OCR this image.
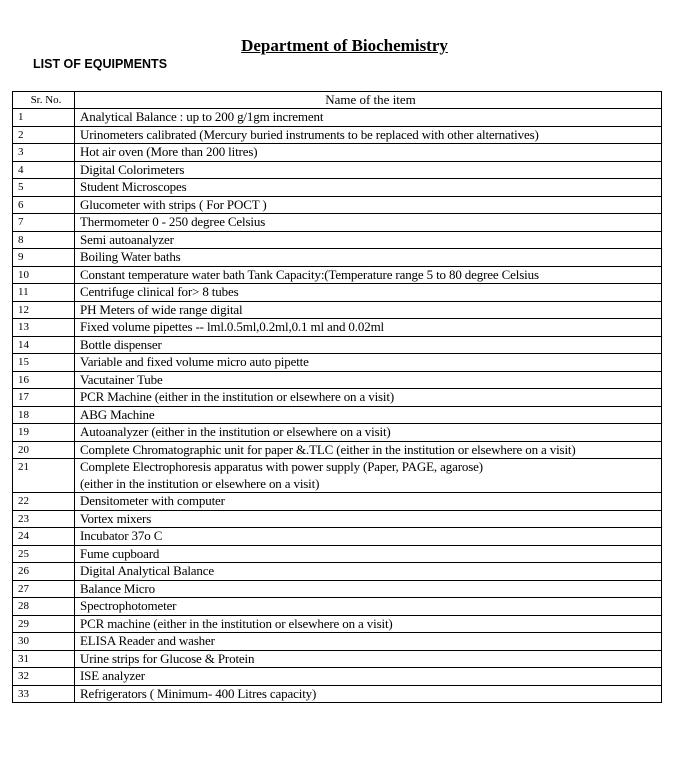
Department of Biochemistry
LIST OF EQUIPMENTS
Sr. No.	Name of the item
1	Analytical Balance : up to 200 g/1gm increment

2	Urinometers calibrated (Mercury buried instruments to be replaced with other alternatives)

3	Hot air oven (More than 200 litres)

4	Digital Colorimeters

5	Student Microscopes

6	Glucometer with strips ( For POCT )

7	Thermometer 0 - 250 degree Celsius

8	Semi autoanalyzer

9	Boiling Water baths

10	Constant temperature water bath Tank Capacity:(Temperature range 5 to 80 degree Celsius

11	Centrifuge clinical for> 8 tubes

12	PH Meters of wide range digital

13	Fixed volume pipettes -- lml.0.5ml,0.2ml,0.1 ml and 0.02ml

14	Bottle dispenser

15	Variable and fixed volume micro auto pipette

16	Vacutainer Tube

17	PCR Machine (either in the institution or elsewhere on a visit)

18	ABG Machine

19	Autoanalyzer (either in the institution or elsewhere on a visit)

20	Complete Chromatographic unit for paper &.TLC (either in the institution or elsewhere on a visit)

21	Complete Electrophoresis apparatus with power supply (Paper, PAGE, agarose)
(either in the institution or elsewhere on a visit)

22	Densitometer with computer

23	Vortex mixers

24	Incubator 37o C

25	Fume cupboard

26	Digital Analytical Balance

27	Balance Micro

28	Spectrophotometer

29	PCR machine (either in the institution or elsewhere on a visit)

30	ELISA Reader and washer

31	Urine strips for Glucose & Protein

32	ISE analyzer

33	Refrigerators ( Minimum- 400 Litres capacity)
